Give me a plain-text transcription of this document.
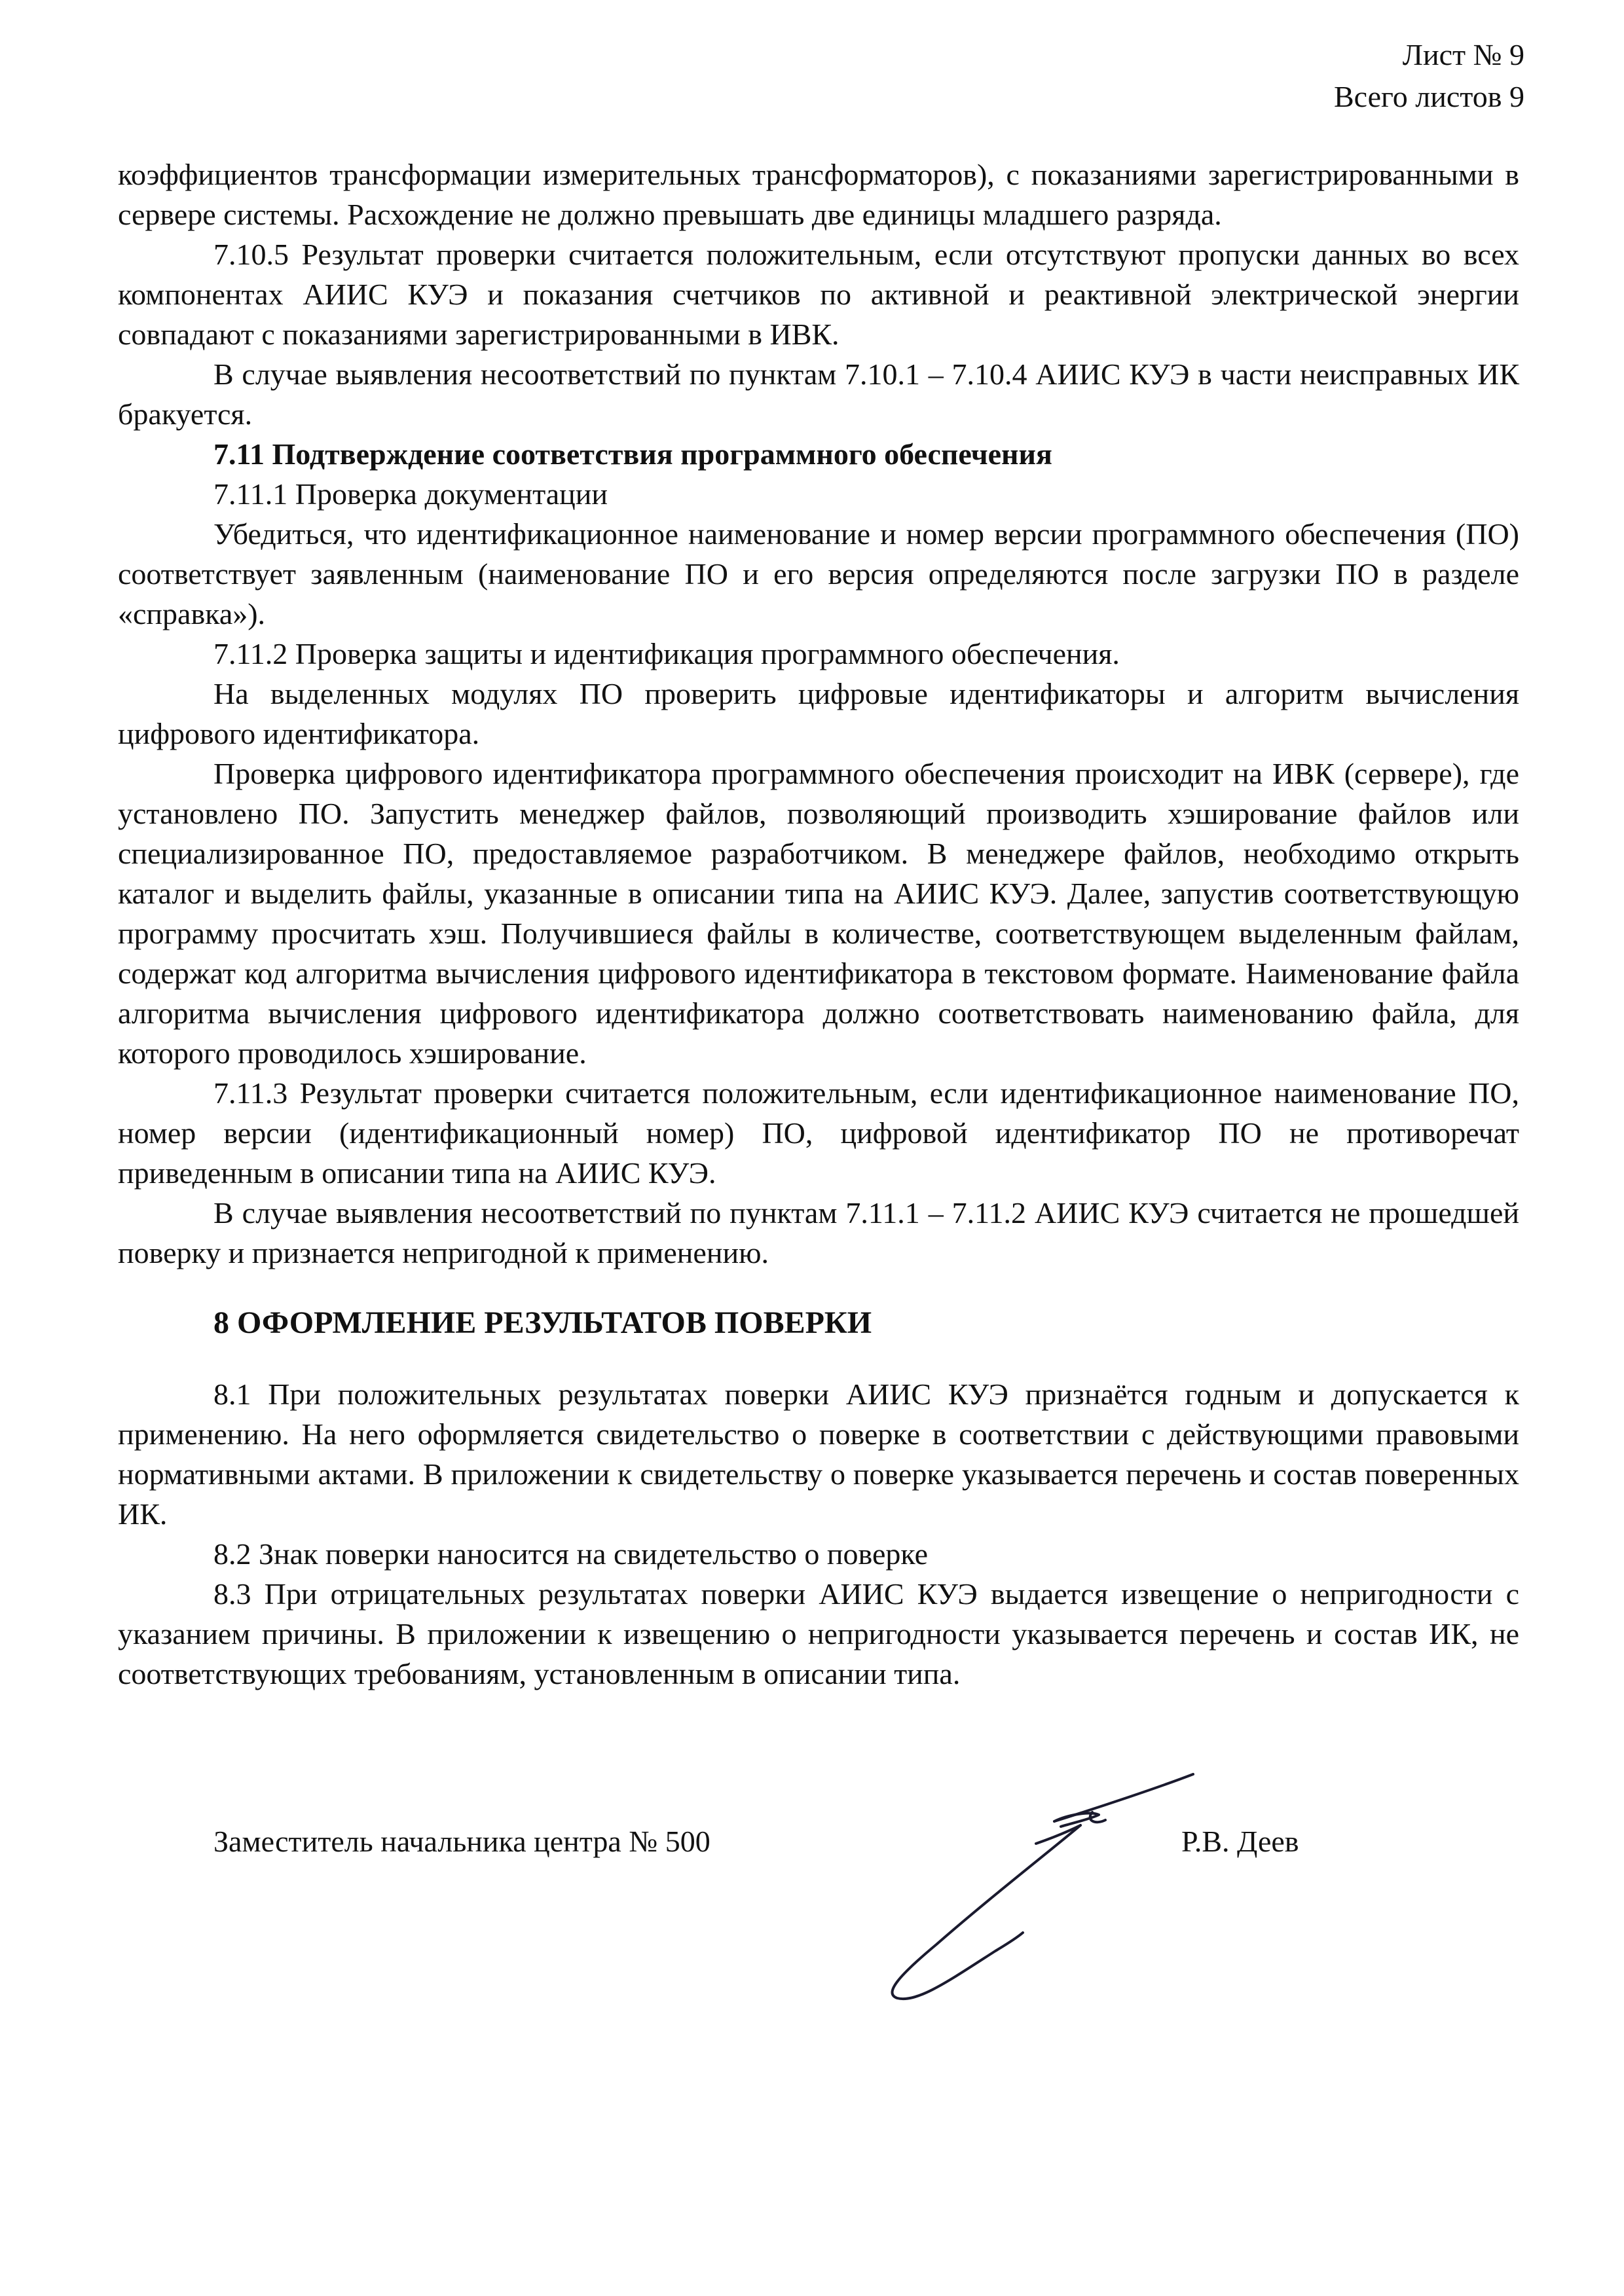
Лист № 9
Всего листов 9

коэффициентов трансформации измерительных трансформаторов), с показаниями зарегистрированными в сервере системы. Расхождение не должно превышать две единицы младшего разряда.

7.10.5 Результат проверки считается положительным, если отсутствуют пропуски данных во всех компонентах АИИС КУЭ и показания счетчиков по активной и реактивной электрической энергии совпадают с показаниями зарегистрированными в ИВК.

В случае выявления несоответствий по пунктам 7.10.1 – 7.10.4 АИИС КУЭ в части неисправных ИК бракуется.

7.11 Подтверждение соответствия программного обеспечения

7.11.1 Проверка документации

Убедиться, что идентификационное наименование и номер версии программного обеспечения (ПО) соответствует заявленным (наименование ПО и его версия определяются после загрузки ПО в разделе «справка»).

7.11.2 Проверка защиты и идентификация программного обеспечения.

На выделенных модулях ПО проверить цифровые идентификаторы и алгоритм вычисления цифрового идентификатора.

Проверка цифрового идентификатора программного обеспечения происходит на ИВК (сервере), где установлено ПО. Запустить менеджер файлов, позволяющий производить хэширование файлов или специализированное ПО, предоставляемое разработчиком. В менеджере файлов, необходимо открыть каталог и выделить файлы, указанные в описании типа на АИИС КУЭ. Далее, запустив соответствующую программу просчитать хэш. Получившиеся файлы в количестве, соответствующем выделенным файлам, содержат код алгоритма вычисления цифрового идентификатора в текстовом формате. Наименование файла алгоритма вычисления цифрового идентификатора должно соответствовать наименованию файла, для которого проводилось хэширование.

7.11.3 Результат проверки считается положительным, если идентификационное наименование ПО, номер версии (идентификационный номер) ПО, цифровой идентификатор ПО не противоречат приведенным в описании типа на АИИС КУЭ.

В случае выявления несоответствий по пунктам 7.11.1 – 7.11.2 АИИС КУЭ считается не прошедшей поверку и признается непригодной к применению.

8 ОФОРМЛЕНИЕ РЕЗУЛЬТАТОВ ПОВЕРКИ

8.1 При положительных результатах поверки АИИС КУЭ признаётся годным и допускается к применению. На него оформляется свидетельство о поверке в соответствии с действующими правовыми нормативными актами. В приложении к свидетельству о поверке указывается перечень и состав поверенных ИК.

8.2 Знак поверки наносится на свидетельство о поверке

8.3 При отрицательных результатах поверки АИИС КУЭ выдается извещение о непригодности с указанием причины. В приложении к извещению о непригодности указывается перечень и состав ИК, не соответствующих требованиям, установленным в описании типа.

Заместитель начальника центра № 500	Р.В. Деев
